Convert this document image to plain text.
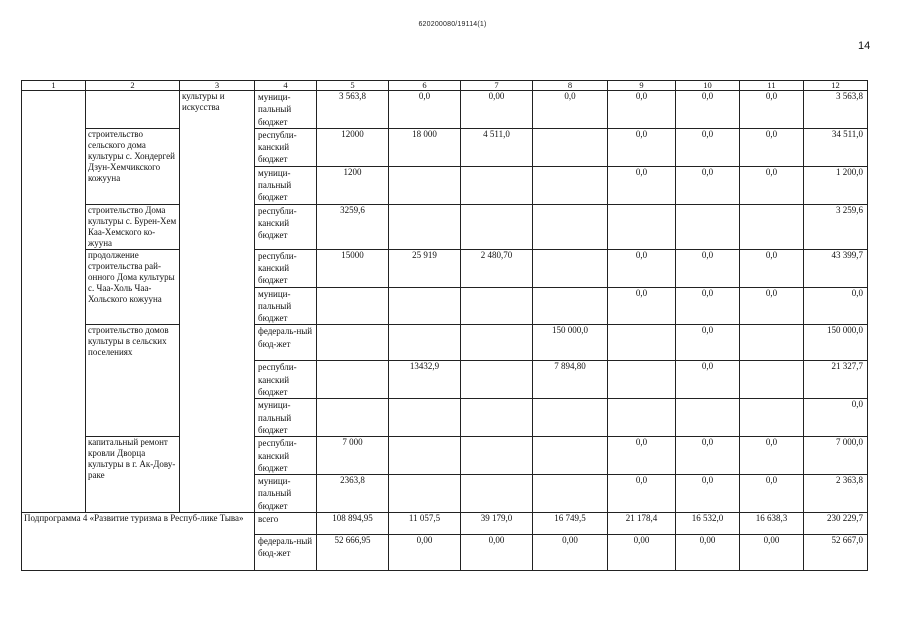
620200080/19114(1)
14
1	2	3	4	5	6	7	8	9	10	11	12
		культуры и искусства	муници-пальный бюджет	3 563,8	0,0	0,00	0,0	0,0	0,0	0,0	3 563,8
	строительство сельского дома культуры с. Хондергей Дзун-Хемчикского кожууна		республи-канский бюджет	12000	18 000	4 511,0		0,0	0,0	0,0	34 511,0
			муници-пальный бюджет	1200				0,0	0,0	0,0	1 200,0
	строительство Дома культуры с. Бурен-Хем Каа-Хемского ко-жууна		республи-канский бюджет	3259,6							3 259,6
	продолжение строительства рай-онного Дома культуры с. Чаа-Холь Чаа-Хольского кожууна		республи-канский бюджет	15000	25 919	2 480,70		0,0	0,0	0,0	43 399,7
			муници-пальный бюджет					0,0	0,0	0,0	0,0
	строительство домов культуры в сельских поселениях		федераль-ный бюд-жет				150 000,0		0,0		150 000,0
			республи-канский бюджет		13432,9		7 894,80		0,0		21 327,7
			муници-пальный бюджет								0,0
	капитальный ремонт кровли Дворца культуры в г. Ак-Дову-раке		республи-канский бюджет	7 000				0,0	0,0	0,0	7 000,0
			муници-пальный бюджет	2363,8				0,0	0,0	0,0	2 363,8
Подпрограмма 4 «Развитие туризма в Респуб-лике Тыва»			всего	108 894,95	11 057,5	39 179,0	16 749,5	21 178,4	16 532,0	16 638,3	230 229,7
			федераль-ный бюд-жет	52 666,95	0,00	0,00	0,00	0,00	0,00	0,00	52 667,0
